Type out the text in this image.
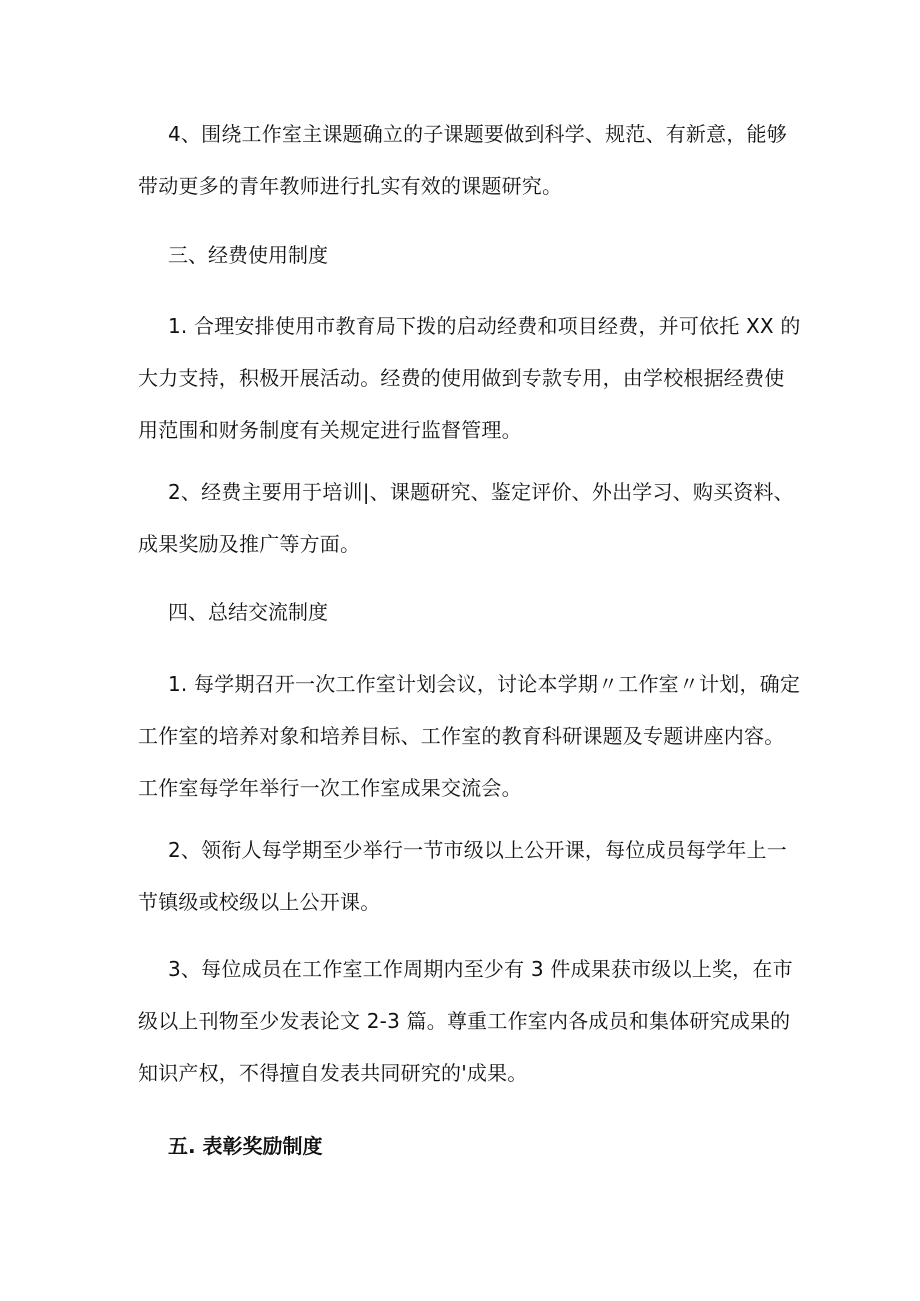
4、围绕工作室主课题确立的子课题要做到科学、规范、有新意，能够
带动更多的青年教师进行扎实有效的课题研究。
三、经费使用制度
1. 合理安排使用市教育局下拨的启动经费和项目经费，并可依托 XX 的
大力支持，积极开展活动。经费的使用做到专款专用，由学校根据经费使
用范围和财务制度有关规定进行监督管理。
2、经费主要用于培训|、课题研究、鉴定评价、外出学习、购买资料、
成果奖励及推广等方面。
四、总结交流制度
1. 每学期召开一次工作室计划会议，讨论本学期〃工作室〃计划，确定
工作室的培养对象和培养目标、工作室的教育科研课题及专题讲座内容。
工作室每学年举行一次工作室成果交流会。
2、领衔人每学期至少举行一节市级以上公开课，每位成员每学年上一
节镇级或校级以上公开课。
3、每位成员在工作室工作周期内至少有 3 件成果获市级以上奖，在市
级以上刊物至少发表论文 2-3 篇。尊重工作室内各成员和集体研究成果的
知识产权，不得擅自发表共同研究的'成果。
五. 表彰奖励制度
